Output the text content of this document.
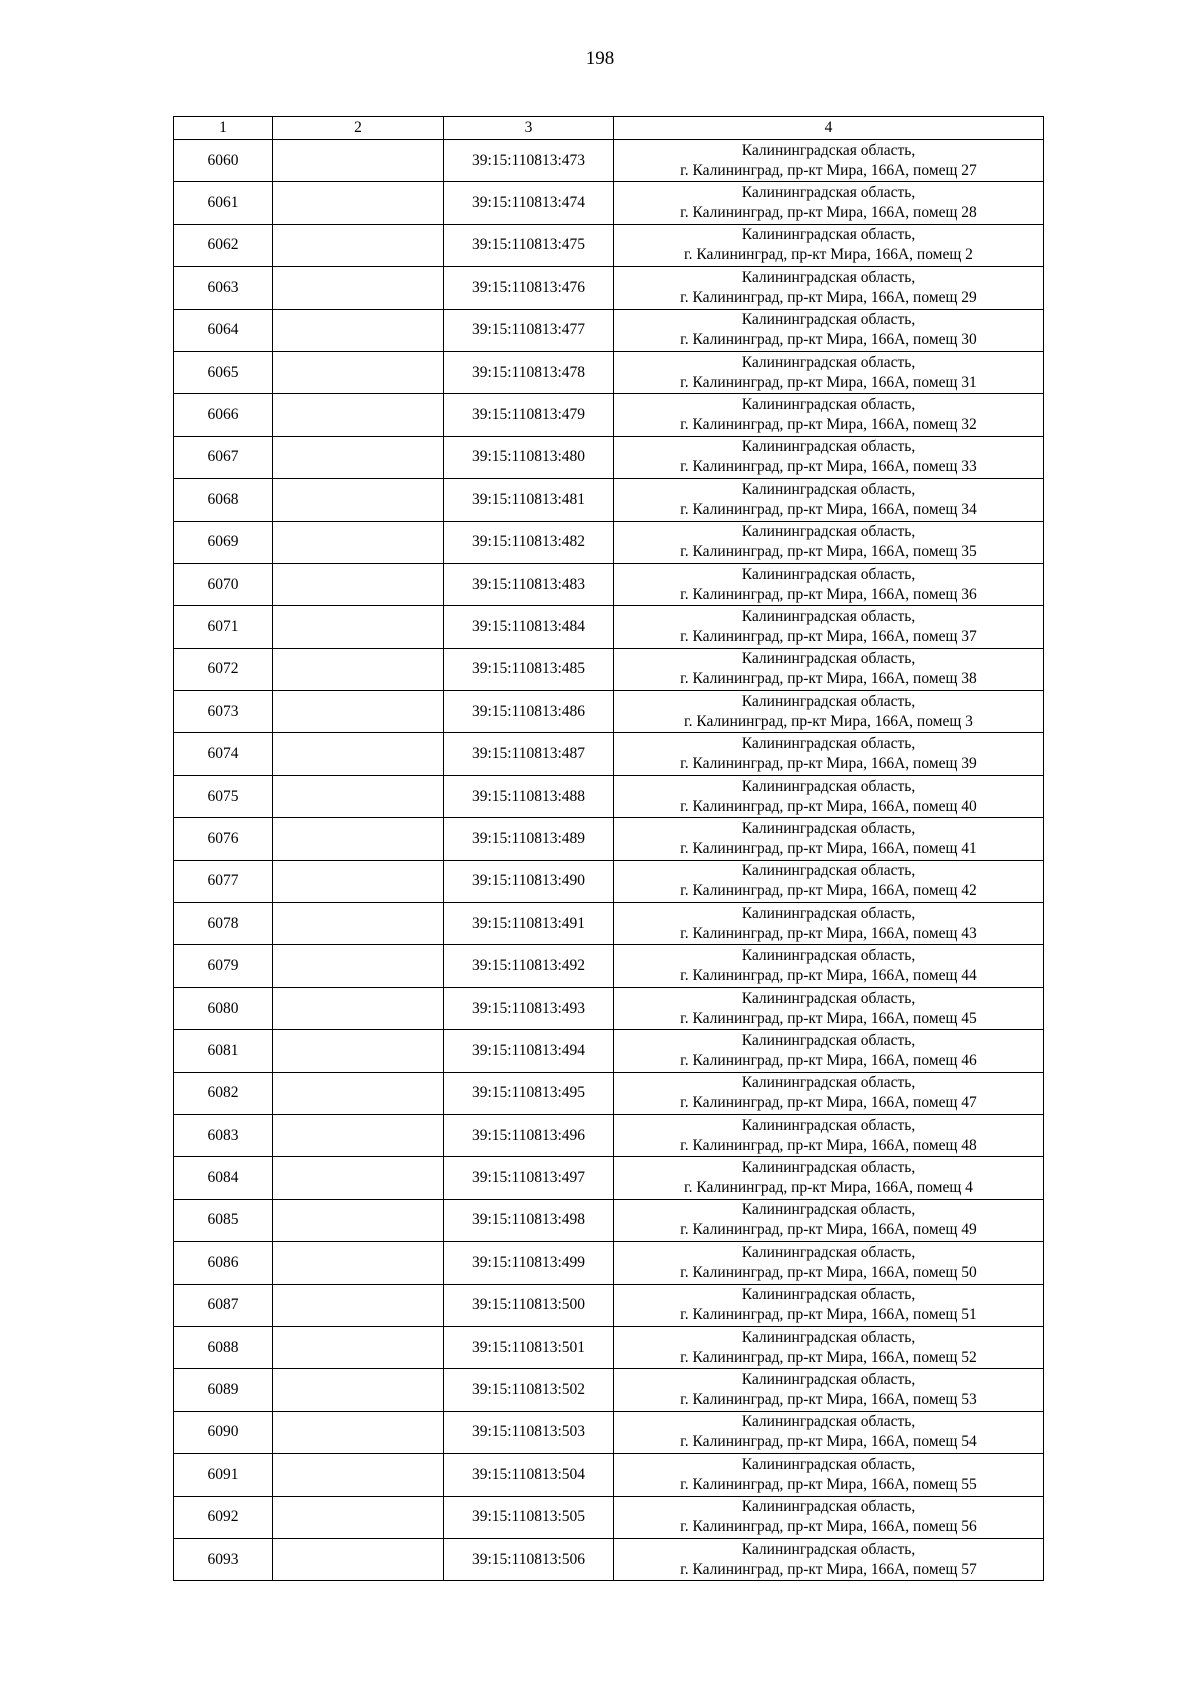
198
1	2	3	4
6060		39:15:110813:473	Калининградская область,
г. Калининград, пр-кт Мира, 166А, помещ 27

6061		39:15:110813:474	Калининградская область,
г. Калининград, пр-кт Мира, 166А, помещ 28

6062		39:15:110813:475	Калининградская область,
г. Калининград, пр-кт Мира, 166А, помещ 2

6063		39:15:110813:476	Калининградская область,
г. Калининград, пр-кт Мира, 166А, помещ 29

6064		39:15:110813:477	Калининградская область,
г. Калининград, пр-кт Мира, 166А, помещ 30

6065		39:15:110813:478	Калининградская область,
г. Калининград, пр-кт Мира, 166А, помещ 31

6066		39:15:110813:479	Калининградская область,
г. Калининград, пр-кт Мира, 166А, помещ 32

6067		39:15:110813:480	Калининградская область,
г. Калининград, пр-кт Мира, 166А, помещ 33

6068		39:15:110813:481	Калининградская область,
г. Калининград, пр-кт Мира, 166А, помещ 34

6069		39:15:110813:482	Калининградская область,
г. Калининград, пр-кт Мира, 166А, помещ 35

6070		39:15:110813:483	Калининградская область,
г. Калининград, пр-кт Мира, 166А, помещ 36

6071		39:15:110813:484	Калининградская область,
г. Калининград, пр-кт Мира, 166А, помещ 37

6072		39:15:110813:485	Калининградская область,
г. Калининград, пр-кт Мира, 166А, помещ 38

6073		39:15:110813:486	Калининградская область,
г. Калининград, пр-кт Мира, 166А, помещ 3

6074		39:15:110813:487	Калининградская область,
г. Калининград, пр-кт Мира, 166А, помещ 39

6075		39:15:110813:488	Калининградская область,
г. Калининград, пр-кт Мира, 166А, помещ 40

6076		39:15:110813:489	Калининградская область,
г. Калининград, пр-кт Мира, 166А, помещ 41

6077		39:15:110813:490	Калининградская область,
г. Калининград, пр-кт Мира, 166А, помещ 42

6078		39:15:110813:491	Калининградская область,
г. Калининград, пр-кт Мира, 166А, помещ 43

6079		39:15:110813:492	Калининградская область,
г. Калининград, пр-кт Мира, 166А, помещ 44

6080		39:15:110813:493	Калининградская область,
г. Калининград, пр-кт Мира, 166А, помещ 45

6081		39:15:110813:494	Калининградская область,
г. Калининград, пр-кт Мира, 166А, помещ 46

6082		39:15:110813:495	Калининградская область,
г. Калининград, пр-кт Мира, 166А, помещ 47

6083		39:15:110813:496	Калининградская область,
г. Калининград, пр-кт Мира, 166А, помещ 48

6084		39:15:110813:497	Калининградская область,
г. Калининград, пр-кт Мира, 166А, помещ 4

6085		39:15:110813:498	Калининградская область,
г. Калининград, пр-кт Мира, 166А, помещ 49

6086		39:15:110813:499	Калининградская область,
г. Калининград, пр-кт Мира, 166А, помещ 50

6087		39:15:110813:500	Калининградская область,
г. Калининград, пр-кт Мира, 166А, помещ 51

6088		39:15:110813:501	Калининградская область,
г. Калининград, пр-кт Мира, 166А, помещ 52

6089		39:15:110813:502	Калининградская область,
г. Калининград, пр-кт Мира, 166А, помещ 53

6090		39:15:110813:503	Калининградская область,
г. Калининград, пр-кт Мира, 166А, помещ 54

6091		39:15:110813:504	Калининградская область,
г. Калининград, пр-кт Мира, 166А, помещ 55

6092		39:15:110813:505	Калининградская область,
г. Калининград, пр-кт Мира, 166А, помещ 56

6093		39:15:110813:506	Калининградская область,
г. Калининград, пр-кт Мира, 166А, помещ 57
